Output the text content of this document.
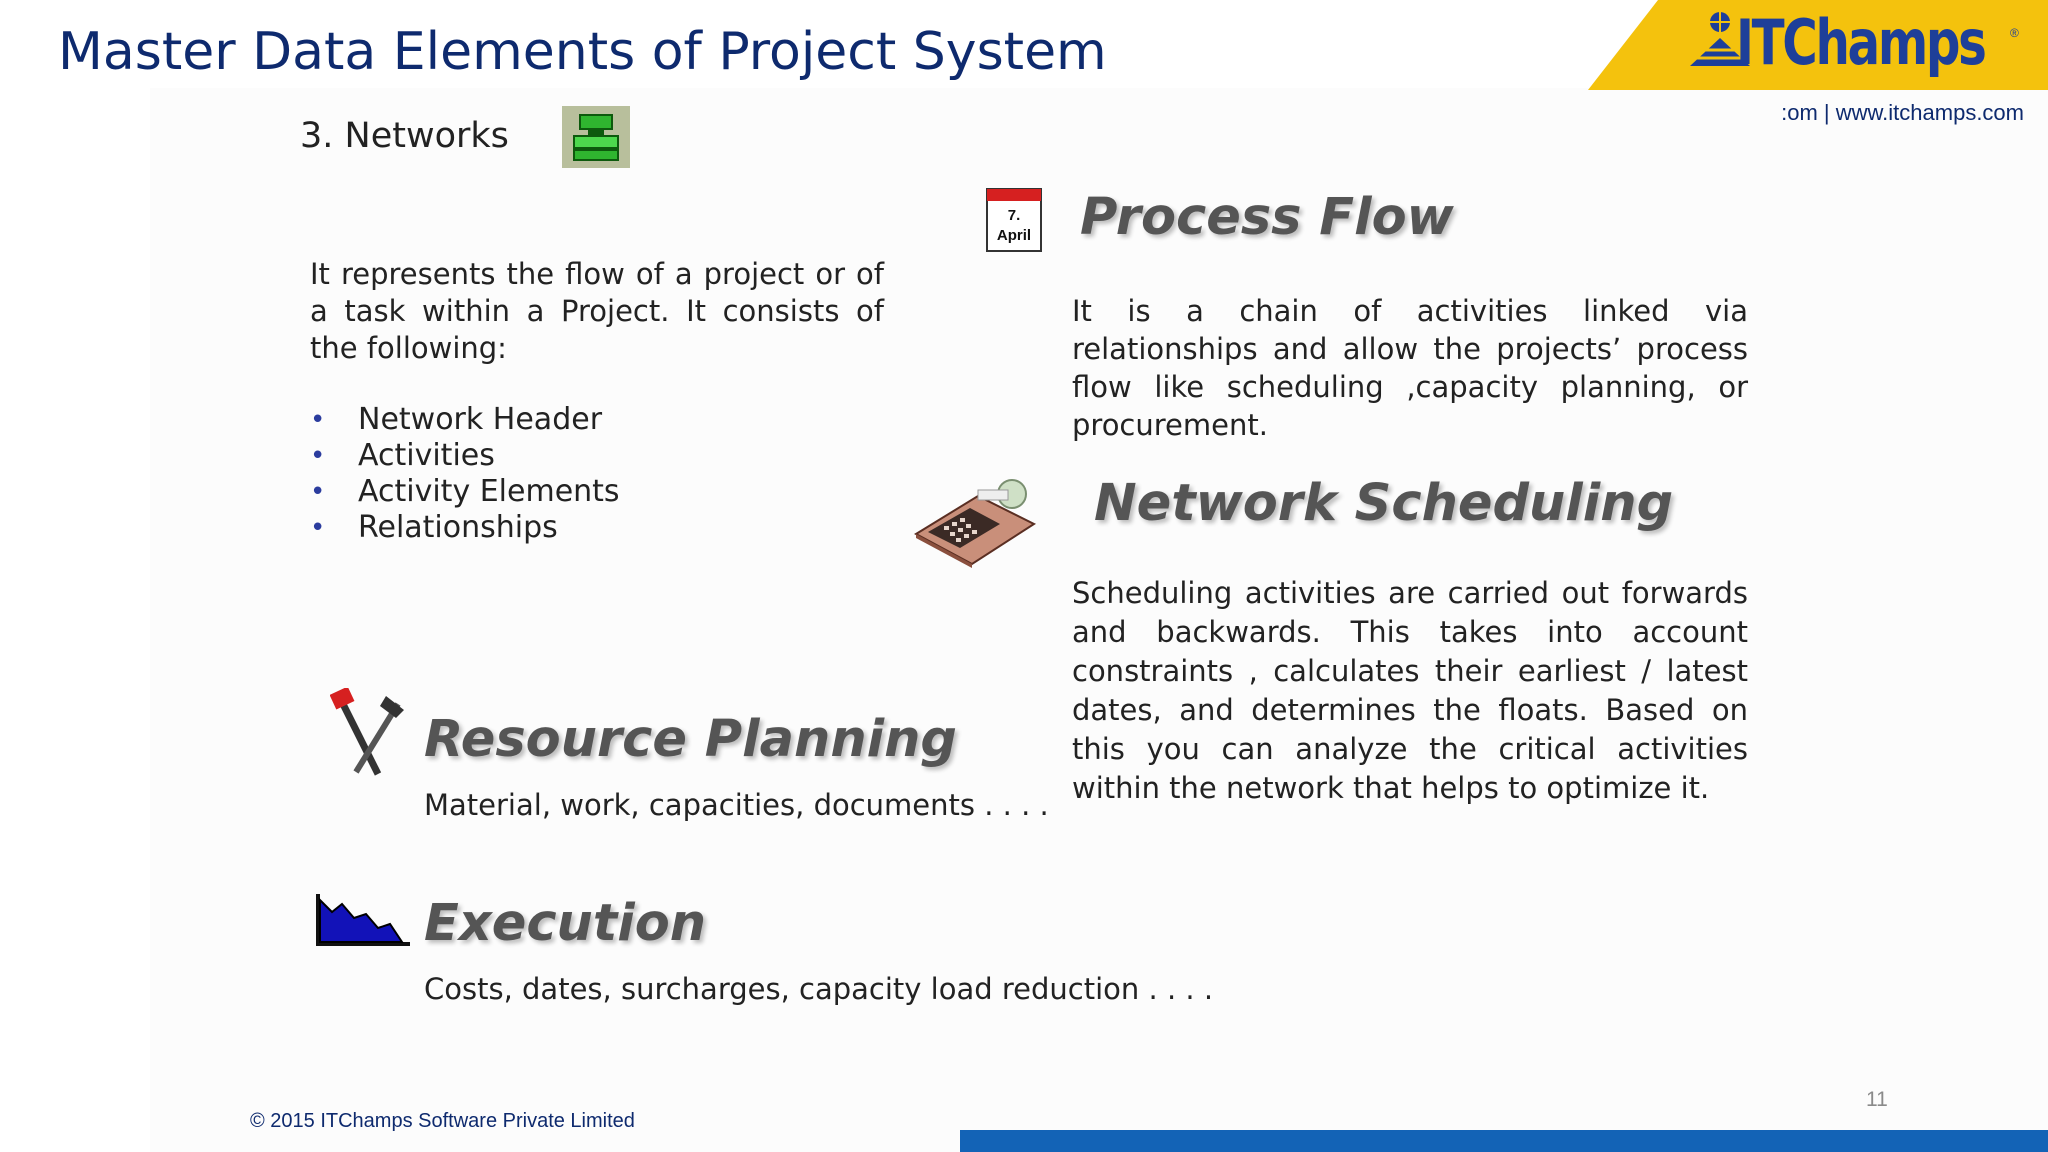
Master Data Elements of Project System	ITChamps ®
:om | www.itchamps.com
3. Networks

It represents the flow of a project or of a task within a Project. It consists of the following:

• Network Header
• Activities
• Activity Elements
• Relationships
7.
April Process Flow

It is a chain of activities linked via relationships and allow the projects’ process flow like scheduling ,capacity planning, or procurement.

Network Scheduling

Scheduling activities are carried out forwards and backwards. This takes into account constraints , calculates their earliest / latest dates, and determines the floats. Based on this you can analyze the critical activities within the network that helps to optimize it.

Resource Planning
Material, work, capacities, documents . . . .
Execution
Costs, dates, surcharges, capacity load reduction . . . .
© 2015 ITChamps Software Private Limited
11
